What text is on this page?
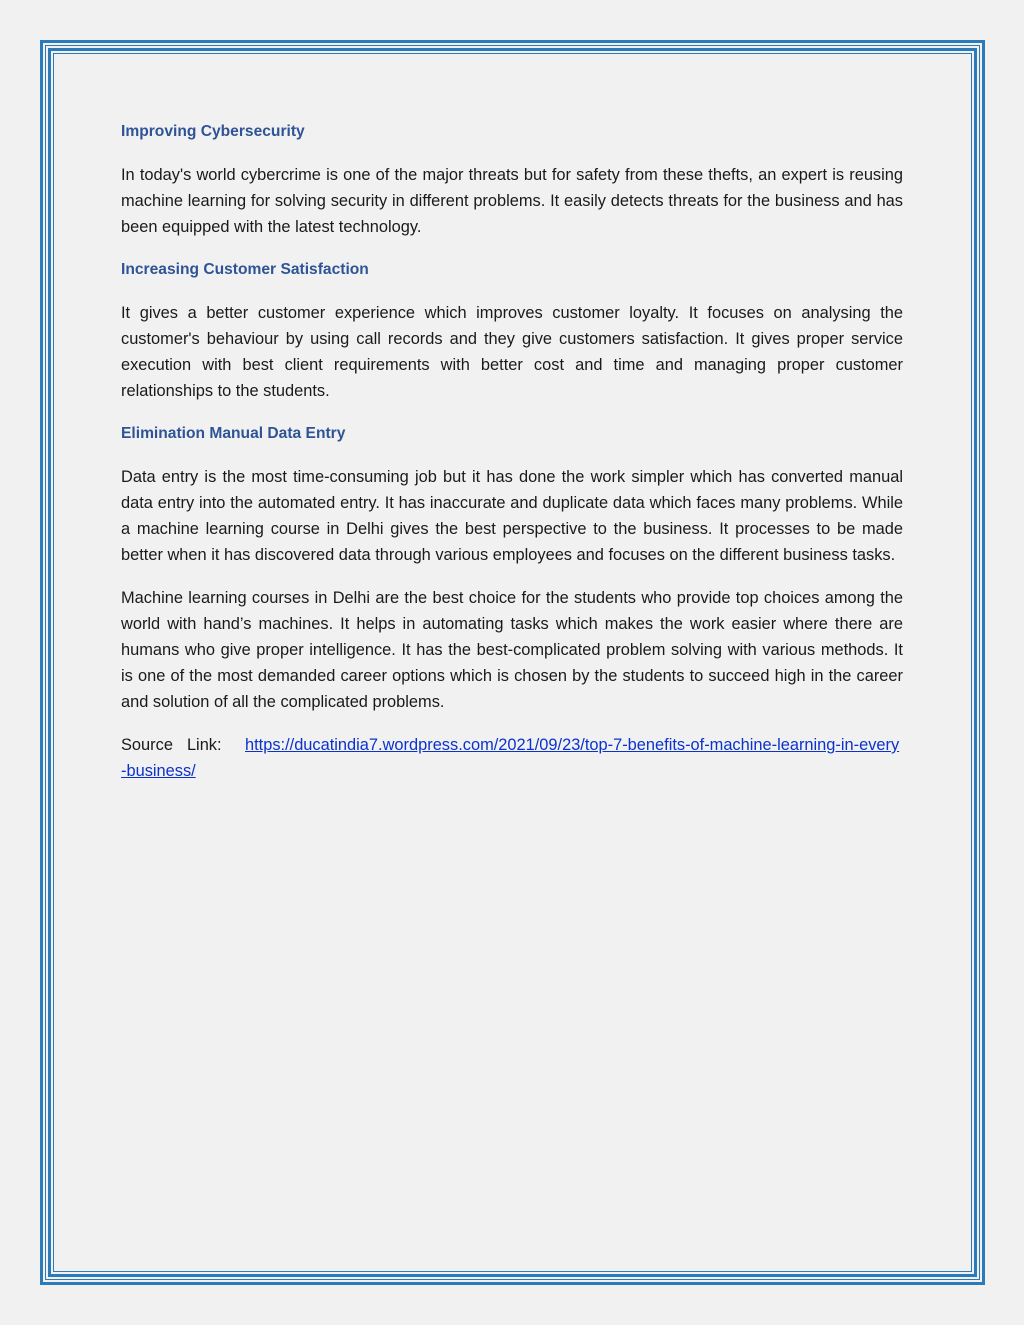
Improving Cybersecurity

In today's world cybercrime is one of the major threats but for safety from these thefts, an expert is reusing machine learning for solving security in different problems. It easily detects threats for the business and has been equipped with the latest technology.

Increasing Customer Satisfaction

It gives a better customer experience which improves customer loyalty. It focuses on analysing the customer's behaviour by using call records and they give customers satisfaction. It gives proper service execution with best client requirements with better cost and time and managing proper customer relationships to the students.

Elimination Manual Data Entry

Data entry is the most time-consuming job but it has done the work simpler which has converted manual data entry into the automated entry. It has inaccurate and duplicate data which faces many problems. While a machine learning course in Delhi gives the best perspective to the business. It processes to be made better when it has discovered data through various employees and focuses on the different business tasks.

Machine learning courses in Delhi are the best choice for the students who provide top choices among the world with hand’s machines. It helps in automating tasks which makes the work easier where there are humans who give proper intelligence. It has the best-complicated problem solving with various methods. It is one of the most demanded career options which is chosen by the students to succeed high in the career and solution of all the complicated problems.

Source Link: https://ducatindia7.wordpress.com/2021/09/23/top-7-benefits-of-machine-learning-in-every-business/
